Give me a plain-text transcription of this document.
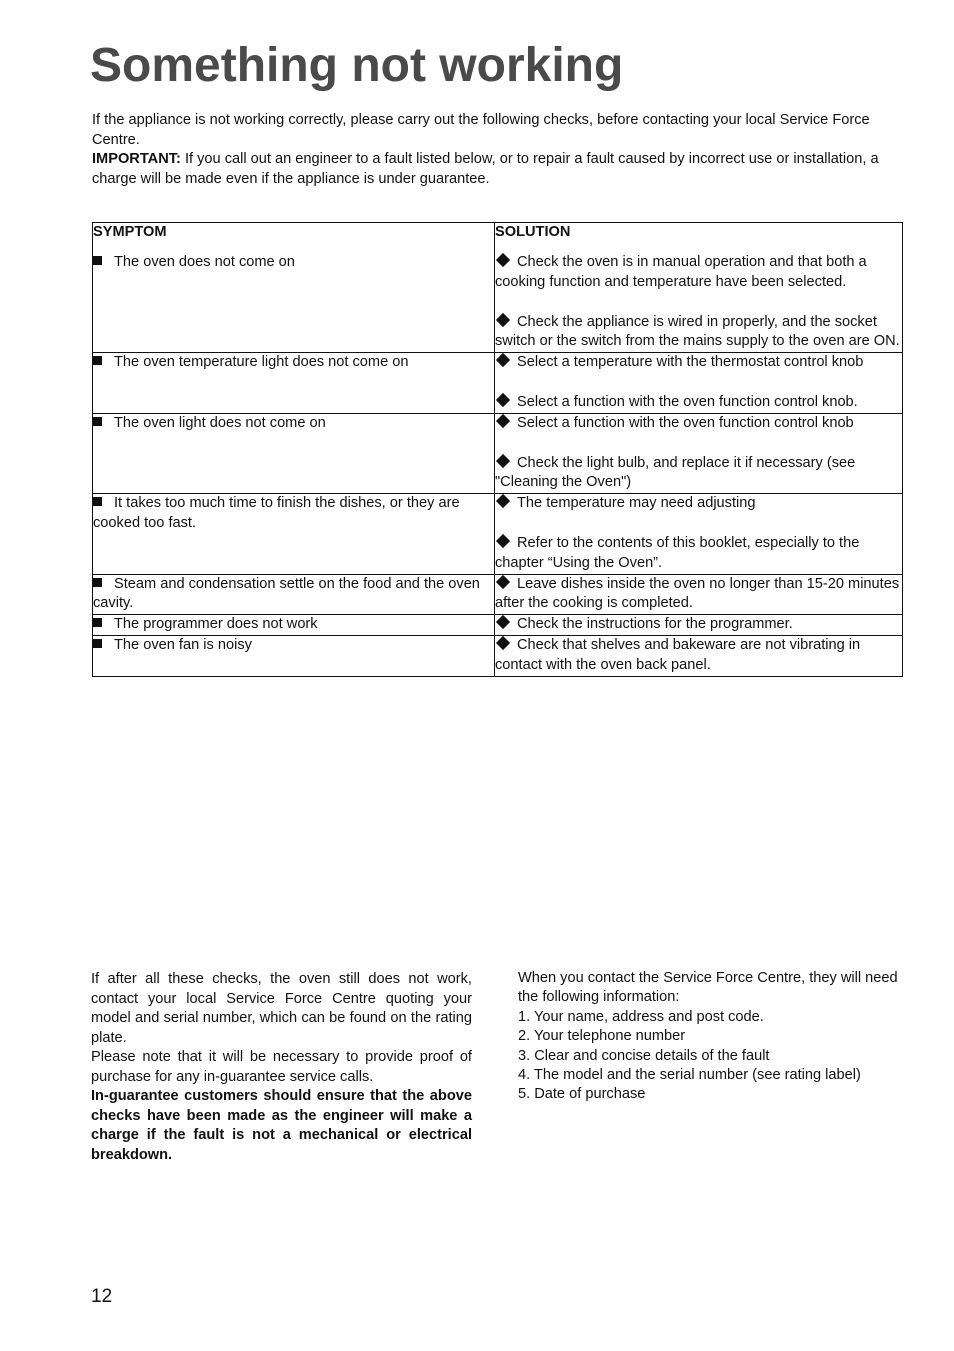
Something not working

If the appliance is not working correctly, please carry out the following checks, before contacting your local Service Force Centre.

IMPORTANT: If you call out an engineer to a fault listed below, or to repair a fault caused by incorrect use or installation, a charge will be made even if the appliance is under guarantee.

SYMPTOM	SOLUTION
The oven does not come on	Check the oven is in manual operation and that both a cooking function and temperature have been selected.

Check the appliance is wired in properly, and the socket switch or the switch from the mains supply to the oven are ON.

The oven temperature light does not come on	Select a temperature with the thermostat control knob

Select a function with the oven function control knob.

The oven light does not come on	Select a function with the oven function control knob

Check the light bulb, and replace it if necessary (see "Cleaning the Oven")

It takes too much time to finish the dishes, or they are cooked too fast.	The temperature may need adjusting

Refer to the contents of this booklet, especially to the chapter “Using the Oven”.

Steam and condensation settle on the food and the oven cavity.	Leave dishes inside the oven no longer than 15-20 minutes after the cooking is completed.

The programmer does not work	Check the instructions for the programmer.

The oven fan is noisy	Check that shelves and bakeware are not vibrating in contact with the oven back panel.

If after all these checks, the oven still does not work, contact your local Service Force Centre quoting your model and serial number, which can be found on the rating plate.

Please note that it will be necessary to provide proof of purchase for any in-guarantee service calls.

In-guarantee customers should ensure that the above checks have been made as the engineer will make a charge if the fault is not a mechanical or electrical breakdown.

When you contact the Service Force Centre, they will need the following information:

1. Your name, address and post code.
2. Your telephone number
3. Clear and concise details of the fault
4. The model and the serial number (see rating label)
5. Date of purchase
12
